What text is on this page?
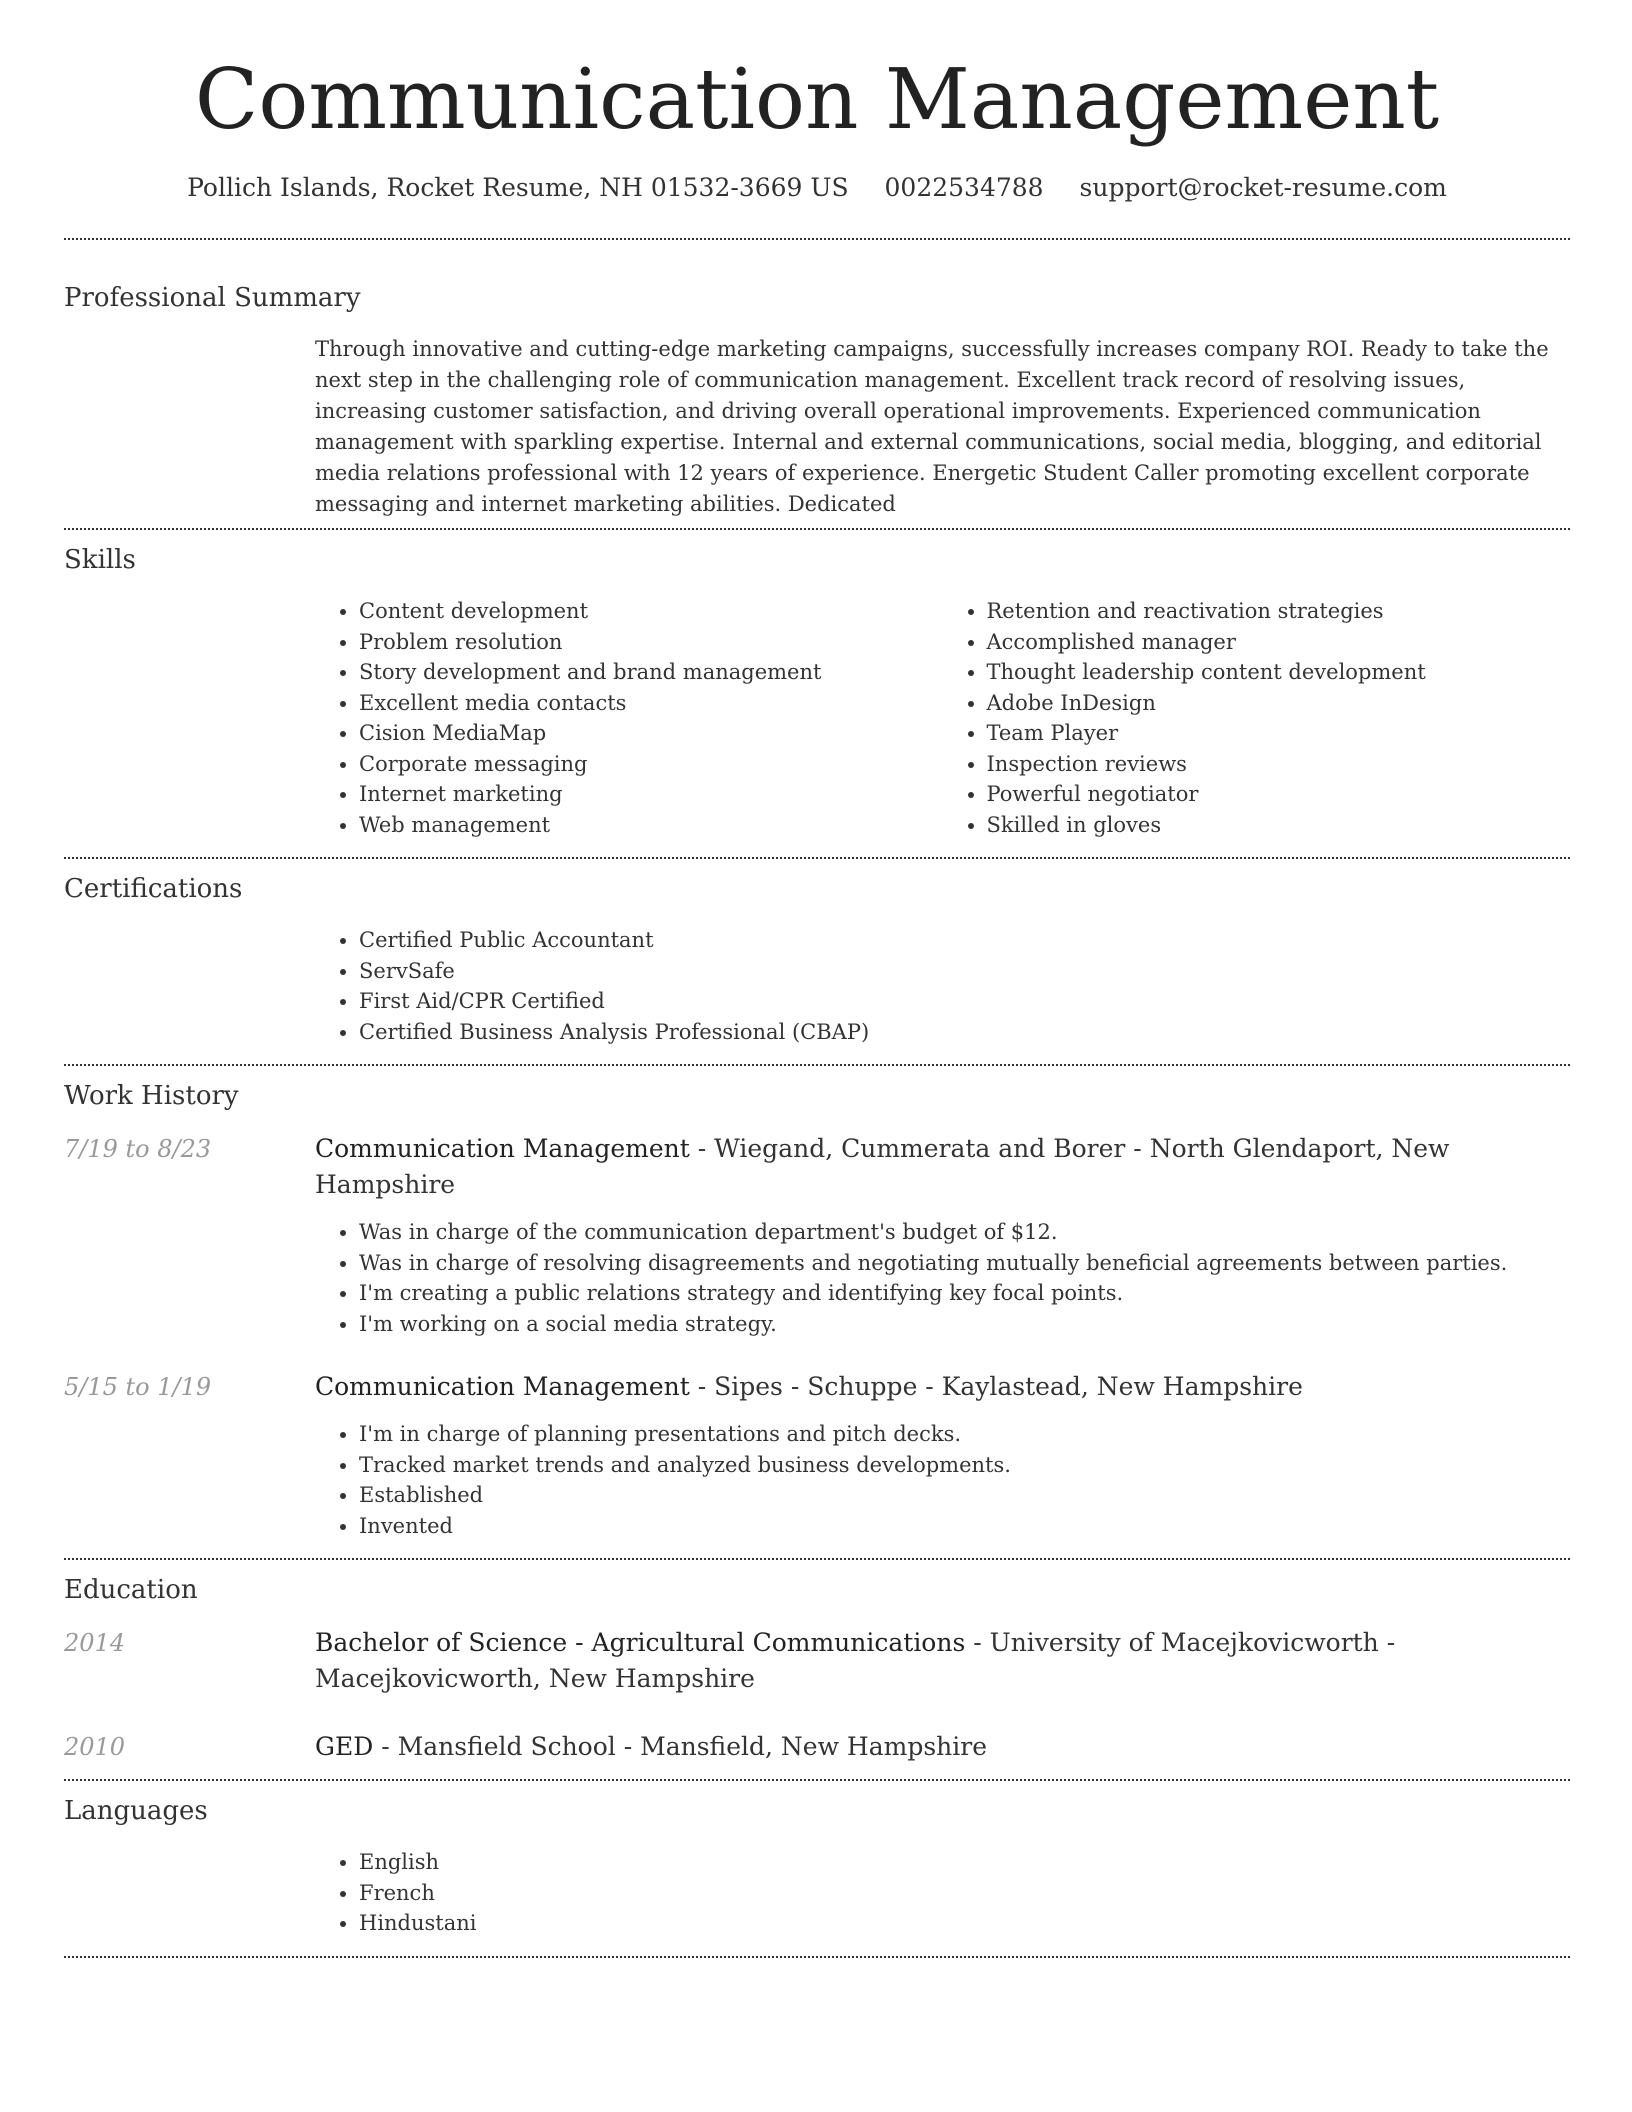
Communication Management
Pollich Islands, Rocket Resume, NH 01532-3669 US 0022534788 support@rocket-resume.com
Professional Summary
Through innovative and cutting-edge marketing campaigns, successfully increases company ROI. Ready to take the next step in the challenging role of communication management. Excellent track record of resolving issues, increasing customer satisfaction, and driving overall operational improvements. Experienced communication management with sparkling expertise. Internal and external communications, social media, blogging, and editorial media relations professional with 12 years of experience. Energetic Student Caller promoting excellent corporate messaging and internet marketing abilities. Dedicated
Skills
• Content development
• Problem resolution
• Story development and brand management
• Excellent media contacts
• Cision MediaMap
• Corporate messaging
• Internet marketing
• Web management
• Retention and reactivation strategies
• Accomplished manager
• Thought leadership content development
• Adobe InDesign
• Team Player
• Inspection reviews
• Powerful negotiator
• Skilled in gloves
Certifications
• Certified Public Accountant
• ServSafe
• First Aid/CPR Certified
• Certified Business Analysis Professional (CBAP)
Work History
7/19 to 8/23	Communication Management - Wiegand, Cummerata and Borer - North Glendaport, New Hampshire
• Was in charge of the communication department's budget of $12.
• Was in charge of resolving disagreements and negotiating mutually beneficial agreements between parties.
• I'm creating a public relations strategy and identifying key focal points.
• I'm working on a social media strategy.
5/15 to 1/19	Communication Management - Sipes - Schuppe - Kaylastead, New Hampshire
• I'm in charge of planning presentations and pitch decks.
• Tracked market trends and analyzed business developments.
• Established
• Invented
Education
2014	Bachelor of Science - Agricultural Communications - University of Macejkovicworth - Macejkovicworth, New Hampshire
2010	GED - Mansfield School - Mansfield, New Hampshire
Languages
• English
• French
• Hindustani
